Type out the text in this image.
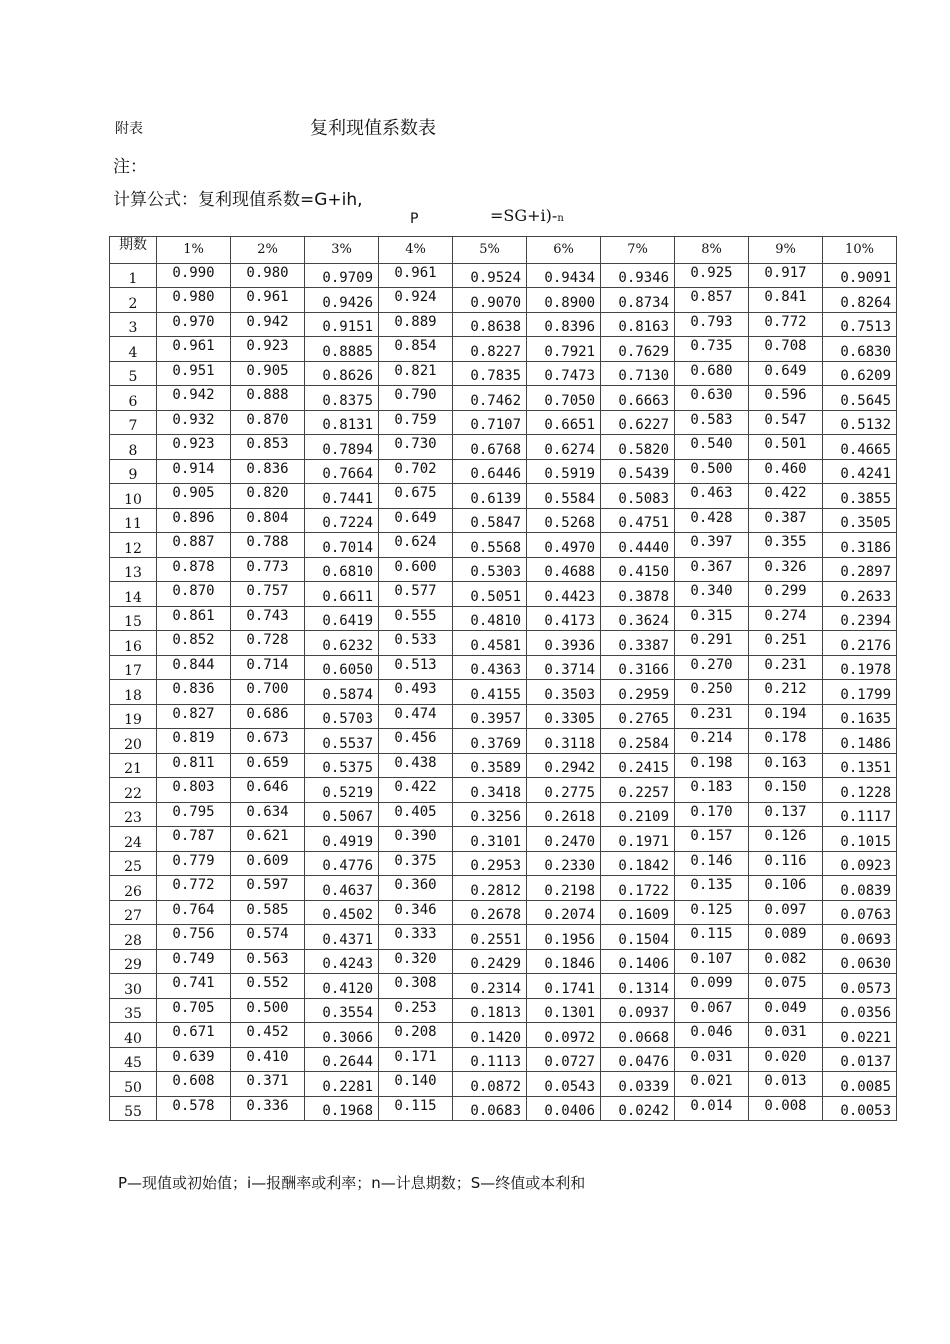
附表	复利现值系数表
注：
计算公式：复利现值系数=G+ih,
P	=SG+i)-n
期数	1%	2%	3%	4%	5%	6%	7%	8%	9%	10%
1	0.990	0.980	0.9709	0.961	0.9524	0.9434	0.9346	0.925	0.917	0.9091
2	0.980	0.961	0.9426	0.924	0.9070	0.8900	0.8734	0.857	0.841	0.8264
3	0.970	0.942	0.9151	0.889	0.8638	0.8396	0.8163	0.793	0.772	0.7513
4	0.961	0.923	0.8885	0.854	0.8227	0.7921	0.7629	0.735	0.708	0.6830
5	0.951	0.905	0.8626	0.821	0.7835	0.7473	0.7130	0.680	0.649	0.6209
6	0.942	0.888	0.8375	0.790	0.7462	0.7050	0.6663	0.630	0.596	0.5645
7	0.932	0.870	0.8131	0.759	0.7107	0.6651	0.6227	0.583	0.547	0.5132
8	0.923	0.853	0.7894	0.730	0.6768	0.6274	0.5820	0.540	0.501	0.4665
9	0.914	0.836	0.7664	0.702	0.6446	0.5919	0.5439	0.500	0.460	0.4241
10	0.905	0.820	0.7441	0.675	0.6139	0.5584	0.5083	0.463	0.422	0.3855
11	0.896	0.804	0.7224	0.649	0.5847	0.5268	0.4751	0.428	0.387	0.3505
12	0.887	0.788	0.7014	0.624	0.5568	0.4970	0.4440	0.397	0.355	0.3186
13	0.878	0.773	0.6810	0.600	0.5303	0.4688	0.4150	0.367	0.326	0.2897
14	0.870	0.757	0.6611	0.577	0.5051	0.4423	0.3878	0.340	0.299	0.2633
15	0.861	0.743	0.6419	0.555	0.4810	0.4173	0.3624	0.315	0.274	0.2394
16	0.852	0.728	0.6232	0.533	0.4581	0.3936	0.3387	0.291	0.251	0.2176
17	0.844	0.714	0.6050	0.513	0.4363	0.3714	0.3166	0.270	0.231	0.1978
18	0.836	0.700	0.5874	0.493	0.4155	0.3503	0.2959	0.250	0.212	0.1799
19	0.827	0.686	0.5703	0.474	0.3957	0.3305	0.2765	0.231	0.194	0.1635
20	0.819	0.673	0.5537	0.456	0.3769	0.3118	0.2584	0.214	0.178	0.1486
21	0.811	0.659	0.5375	0.438	0.3589	0.2942	0.2415	0.198	0.163	0.1351
22	0.803	0.646	0.5219	0.422	0.3418	0.2775	0.2257	0.183	0.150	0.1228
23	0.795	0.634	0.5067	0.405	0.3256	0.2618	0.2109	0.170	0.137	0.1117
24	0.787	0.621	0.4919	0.390	0.3101	0.2470	0.1971	0.157	0.126	0.1015
25	0.779	0.609	0.4776	0.375	0.2953	0.2330	0.1842	0.146	0.116	0.0923
26	0.772	0.597	0.4637	0.360	0.2812	0.2198	0.1722	0.135	0.106	0.0839
27	0.764	0.585	0.4502	0.346	0.2678	0.2074	0.1609	0.125	0.097	0.0763
28	0.756	0.574	0.4371	0.333	0.2551	0.1956	0.1504	0.115	0.089	0.0693
29	0.749	0.563	0.4243	0.320	0.2429	0.1846	0.1406	0.107	0.082	0.0630
30	0.741	0.552	0.4120	0.308	0.2314	0.1741	0.1314	0.099	0.075	0.0573
35	0.705	0.500	0.3554	0.253	0.1813	0.1301	0.0937	0.067	0.049	0.0356
40	0.671	0.452	0.3066	0.208	0.1420	0.0972	0.0668	0.046	0.031	0.0221
45	0.639	0.410	0.2644	0.171	0.1113	0.0727	0.0476	0.031	0.020	0.0137
50	0.608	0.371	0.2281	0.140	0.0872	0.0543	0.0339	0.021	0.013	0.0085
55	0.578	0.336	0.1968	0.115	0.0683	0.0406	0.0242	0.014	0.008	0.0053
P—现值或初始值；i—报酬率或利率；n—计息期数；S—终值或本利和
